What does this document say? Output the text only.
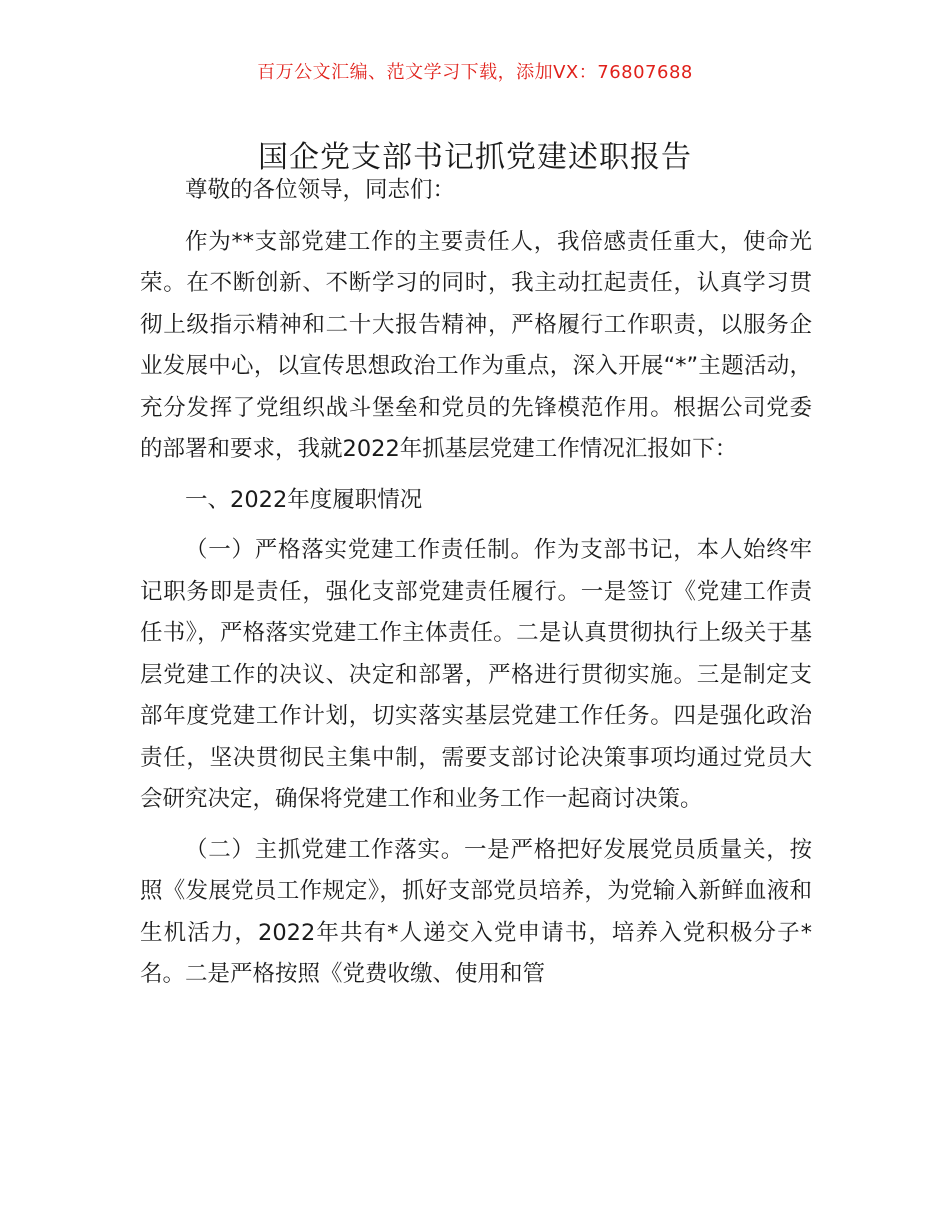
百万公文汇编、范文学习下载，添加VX：76807688
国企党支部书记抓党建述职报告

尊敬的各位领导，同志们：

作为**支部党建工作的主要责任人，我倍感责任重大，使命光荣。在不断创新、不断学习的同时，我主动扛起责任，认真学习贯彻上级指示精神和二十大报告精神，严格履行工作职责，以服务企业发展中心，以宣传思想政治工作为重点，深入开展“*”主题活动，充分发挥了党组织战斗堡垒和党员的先锋模范作用。根据公司党委的部署和要求，我就2022年抓基层党建工作情况汇报如下：

一、2022年度履职情况

（一）严格落实党建工作责任制。作为支部书记，本人始终牢记职务即是责任，强化支部党建责任履行。一是签订《党建工作责任书》，严格落实党建工作主体责任。二是认真贯彻执行上级关于基层党建工作的决议、决定和部署，严格进行贯彻实施。三是制定支部年度党建工作计划，切实落实基层党建工作任务。四是强化政治责任，坚决贯彻民主集中制，需要支部讨论决策事项均通过党员大会研究决定，确保将党建工作和业务工作一起商讨决策。

（二）主抓党建工作落实。一是严格把好发展党员质量关，按照《发展党员工作规定》，抓好支部党员培养，为党输入新鲜血液和生机活力，2022年共有*人递交入党申请书，培养入党积极分子*名。二是严格按照《党费收缴、使用和管
